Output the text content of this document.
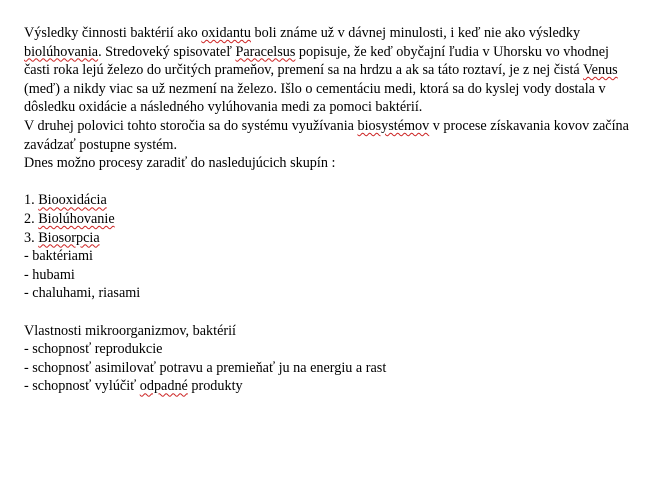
Výsledky činnosti baktérií ako oxidantu boli známe už v dávnej minulosti, i keď nie ako výsledky biolúhovania. Stredoveký spisovateľ Paracelsus popisuje, že keď obyčajní ľudia v Uhorsku vo vhodnej časti roka lejú železo do určitých prameňov, premení sa na hrdzu a ak sa táto roztaví, je z nej čistá Venus (meď) a nikdy viac sa už nezmení na železo. Išlo o cementáciu medi, ktorá sa do kyslej vody dostala v dôsledku oxidácie a následného vylúhovania medi za pomoci baktérií.

V druhej polovici tohto storočia sa do systému využívania biosystémov v procese získavania kovov začína zavádzať postupne systém.

Dnes možno procesy zaradiť do nasledujúcich skupín :

1. Biooxidácia

2. Biolúhovanie

3. Biosorpcia

- baktériami

- hubami

- chaluhami, riasami

Vlastnosti mikroorganizmov, baktérií

- schopnosť reprodukcie

- schopnosť asimilovať potravu a premieňať ju na energiu a rast

- schopnosť vylúčiť odpadné produkty
